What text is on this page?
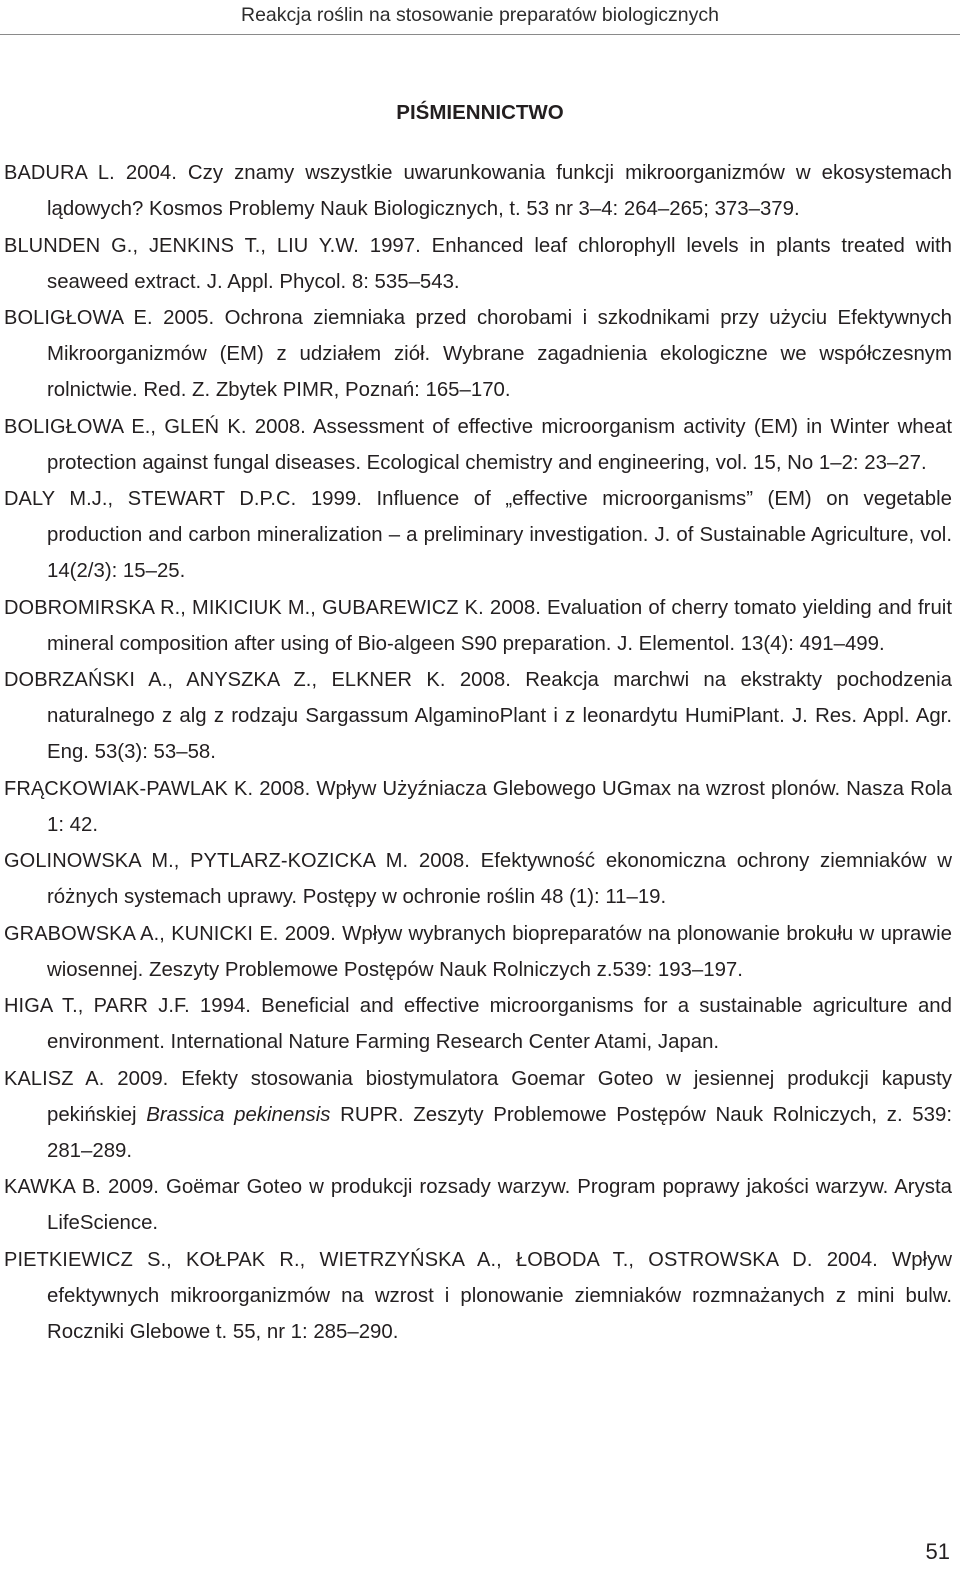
Reakcja roślin na stosowanie preparatów biologicznych
PIŚMIENNICTWO

BADURA L. 2004. Czy znamy wszystkie uwarunkowania funkcji mikroorganizmów w ekosystemach lądowych? Kosmos Problemy Nauk Biologicznych, t. 53 nr 3–4: 264–265; 373–379.

BLUNDEN G., JENKINS T., LIU Y.W. 1997. Enhanced leaf chlorophyll levels in plants treated with seaweed extract. J. Appl. Phycol. 8: 535–543.

BOLIGŁOWA E. 2005. Ochrona ziemniaka przed chorobami i szkodnikami przy użyciu Efektywnych Mikroorganizmów (EM) z udziałem ziół. Wybrane zagadnienia ekologiczne we współczesnym rolnictwie. Red. Z. Zbytek PIMR, Poznań: 165–170.

BOLIGŁOWA E., GLEŃ K. 2008. Assessment of effective microorganism activity (EM) in Winter wheat protection against fungal diseases. Ecological chemistry and engineering, vol. 15, No 1–2: 23–27.

DALY M.J., STEWART D.P.C. 1999. Influence of „effective microorganisms” (EM) on vegetable production and carbon mineralization – a preliminary investigation. J. of Sustainable Agriculture, vol. 14(2/3): 15–25.

DOBROMIRSKA R., MIKICIUK M., GUBAREWICZ K. 2008. Evaluation of cherry tomato yielding and fruit mineral composition after using of Bio-algeen S90 preparation. J. Elementol. 13(4): 491–499.

DOBRZAŃSKI A., ANYSZKA Z., ELKNER K. 2008. Reakcja marchwi na ekstrakty pochodzenia naturalnego z alg z rodzaju Sargassum AlgaminoPlant i z leonardytu HumiPlant. J. Res. Appl. Agr. Eng. 53(3): 53–58.

FRĄCKOWIAK-PAWLAK K. 2008. Wpływ Użyźniacza Glebowego UGmax na wzrost plonów. Nasza Rola 1: 42.

GOLINOWSKA M., PYTLARZ-KOZICKA M. 2008. Efektywność ekonomiczna ochrony ziemniaków w różnych systemach uprawy. Postępy w ochronie roślin 48 (1): 11–19.

GRABOWSKA A., KUNICKI E. 2009. Wpływ wybranych biopreparatów na plonowanie brokułu w uprawie wiosennej. Zeszyty Problemowe Postępów Nauk Rolniczych z.539: 193–197.

HIGA T., PARR J.F. 1994. Beneficial and effective microorganisms for a sustainable agriculture and environment. International Nature Farming Research Center Atami, Japan.

KALISZ A. 2009. Efekty stosowania biostymulatora Goemar Goteo w jesiennej produkcji kapusty pekińskiej Brassica pekinensis RUPR. Zeszyty Problemowe Postępów Nauk Rolniczych, z. 539: 281–289.

KAWKA B. 2009. Goëmar Goteo w produkcji rozsady warzyw. Program poprawy jakości warzyw. Arysta LifeScience.

PIETKIEWICZ S., KOŁPAK R., WIETRZYŃSKA A., ŁOBODA T., OSTROWSKA D. 2004. Wpływ efektywnych mikroorganizmów na wzrost i plonowanie ziemniaków rozmnażanych z mini bulw. Roczniki Glebowe t. 55, nr 1: 285–290.

51
